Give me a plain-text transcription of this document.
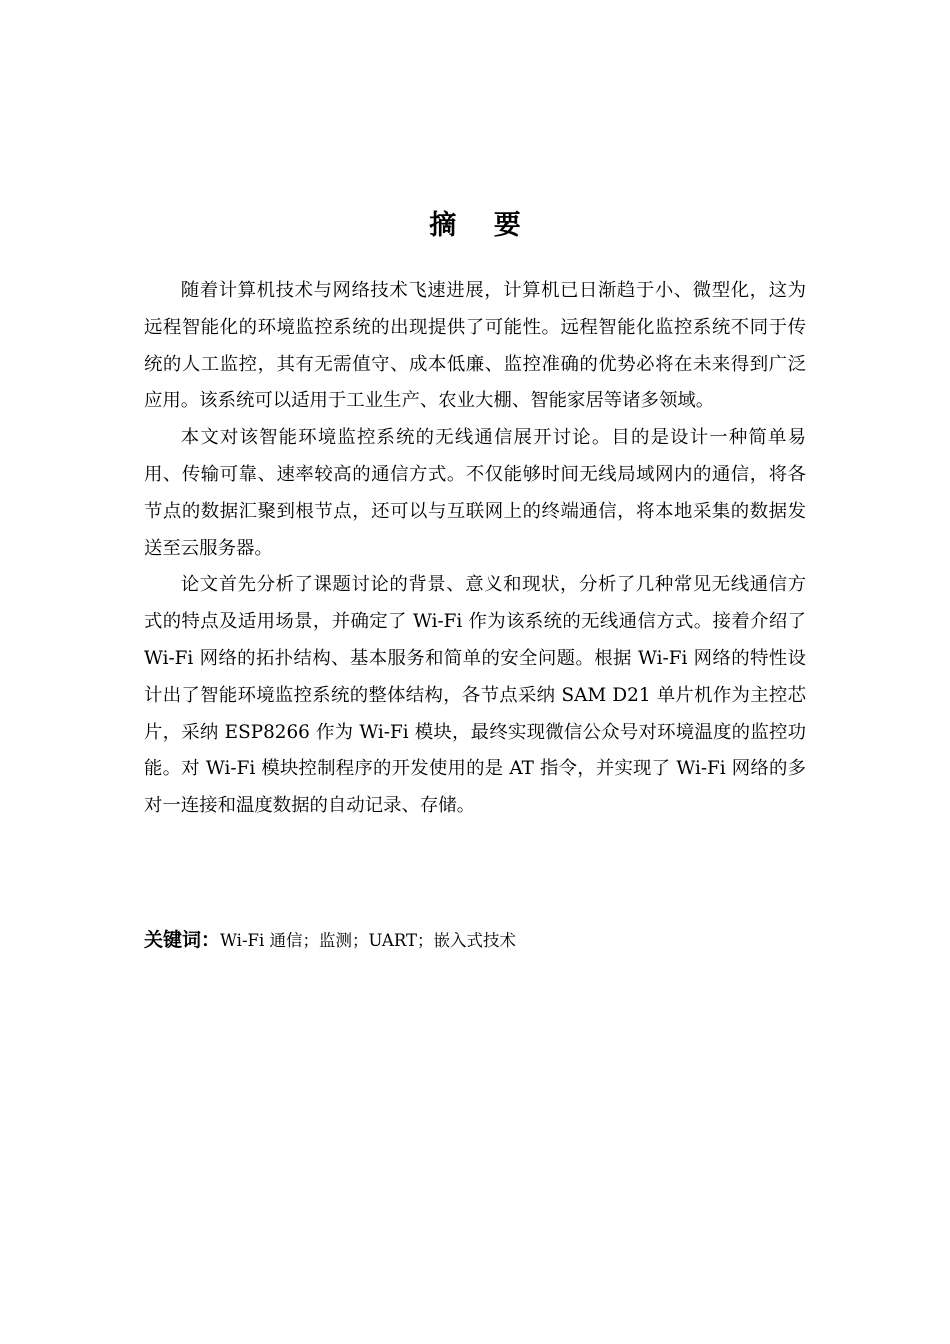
摘 要

随着计算机技术与网络技术飞速进展，计算机已日渐趋于小、微型化，这为远程智能化的环境监控系统的出现提供了可能性。远程智能化监控系统不同于传统的人工监控，其有无需值守、成本低廉、监控准确的优势必将在未来得到广泛应用。该系统可以适用于工业生产、农业大棚、智能家居等诸多领域。

本文对该智能环境监控系统的无线通信展开讨论。目的是设计一种简单易用、传输可靠、速率较高的通信方式。不仅能够时间无线局域网内的通信，将各节点的数据汇聚到根节点，还可以与互联网上的终端通信，将本地采集的数据发送至云服务器。

论文首先分析了课题讨论的背景、意义和现状，分析了几种常见无线通信方式的特点及适用场景，并确定了 Wi-Fi 作为该系统的无线通信方式。接着介绍了 Wi-Fi 网络的拓扑结构、基本服务和简单的安全问题。根据 Wi-Fi 网络的特性设计出了智能环境监控系统的整体结构，各节点采纳 SAM D21 单片机作为主控芯片，采纳 ESP8266 作为 Wi-Fi 模块，最终实现微信公众号对环境温度的监控功能。对 Wi-Fi 模块控制程序的开发使用的是 AT 指令，并实现了 Wi-Fi 网络的多对一连接和温度数据的自动记录、存储。

关键词：Wi-Fi 通信；监测；UART；嵌入式技术
